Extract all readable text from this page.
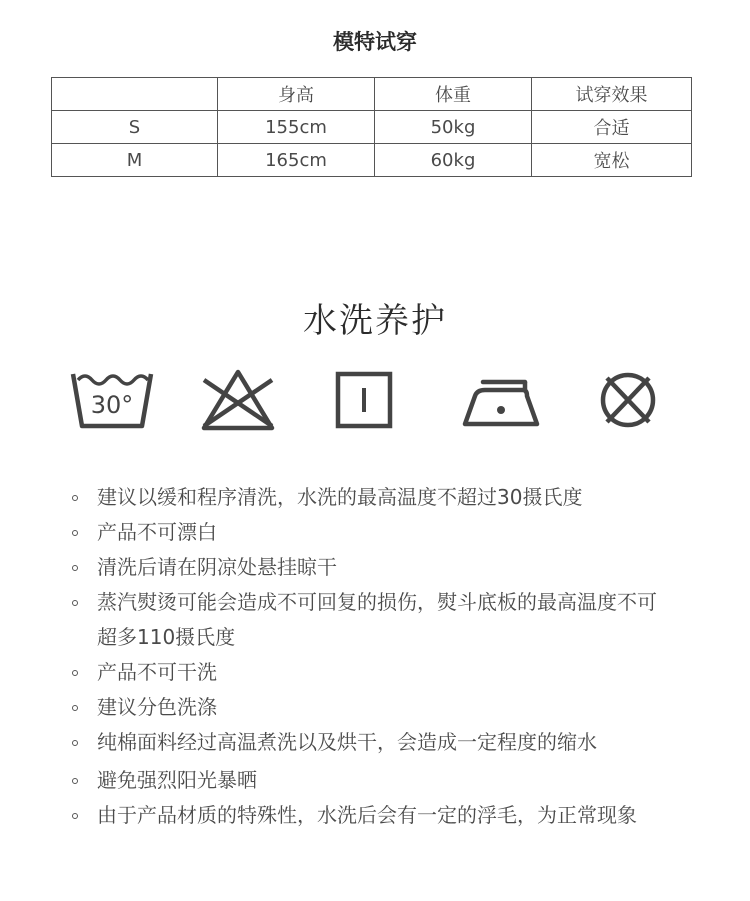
模特试穿
	身高	体重	试穿效果
S	155cm	50kg	合适
M	165cm	60kg	宽松
水洗养护
30°
建议以缓和程序清洗，水洗的最高温度不超过30摄氏度
产品不可漂白
清洗后请在阴凉处悬挂晾干
蒸汽熨烫可能会造成不可回复的损伤，熨斗底板的最高温度不可超多110摄氏度
产品不可干洗
建议分色洗涤
纯棉面料经过高温煮洗以及烘干，会造成一定程度的缩水
避免强烈阳光暴晒
由于产品材质的特殊性，水洗后会有一定的浮毛，为正常现象
